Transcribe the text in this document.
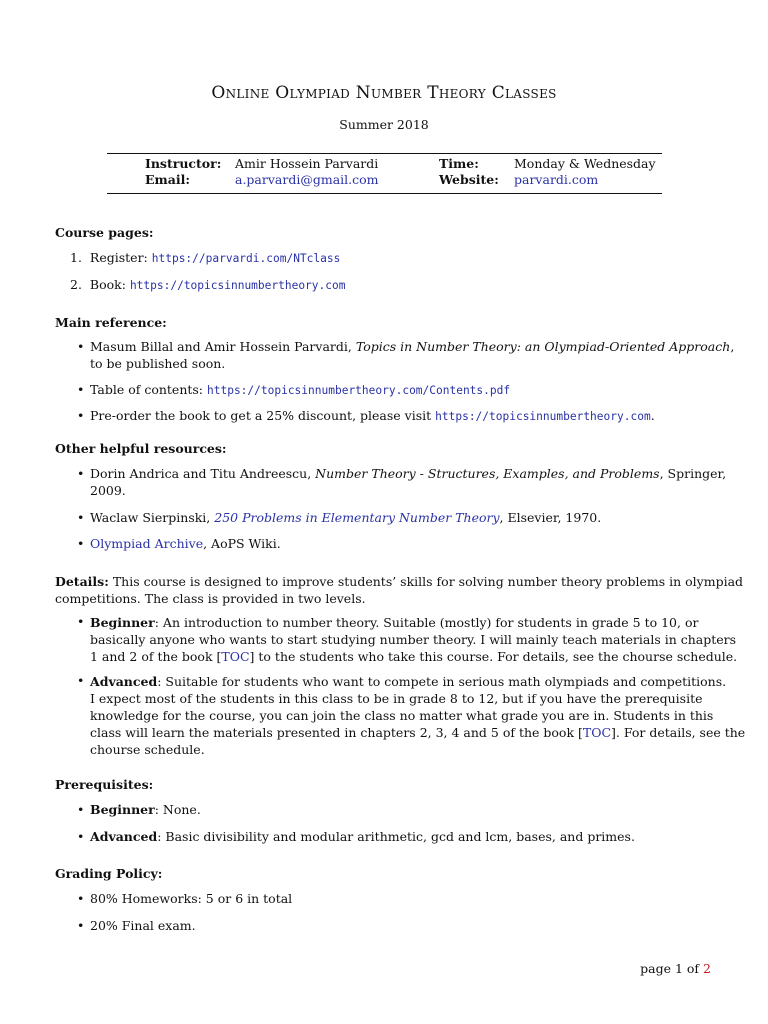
Online Olympiad Number Theory Classes
Summer 2018
Instructor: Amir Hossein Parvardi
Email:	a.parvardi@gmail.com
Time:	Monday & Wednesday
Website: parvardi.com
Course pages:
1. Register: https://parvardi.com/NTclass
2. Book: https://topicsinnumbertheory.com
Main reference:
• Masum Billal and Amir Hossein Parvardi, Topics in Number Theory: an Olympiad-Oriented Approach,
to be published soon.
• Table of contents: https://topicsinnumbertheory.com/Contents.pdf
• Pre-order the book to get a 25% discount, please visit https://topicsinnumbertheory.com.
Other helpful resources:
• Dorin Andrica and Titu Andreescu, Number Theory - Structures, Examples, and Problems, Springer,
2009.
• Waclaw Sierpinski, 250 Problems in Elementary Number Theory, Elsevier, 1970.
• Olympiad Archive, AoPS Wiki.
Details: This course is designed to improve students’ skills for solving number theory problems in olympiad
competitions. The class is provided in two levels.
• Beginner: An introduction to number theory. Suitable (mostly) for students in grade 5 to 10, or
basically anyone who wants to start studying number theory. I will mainly teach materials in chapters
1 and 2 of the book [TOC] to the students who take this course. For details, see the chourse schedule.
• Advanced: Suitable for students who want to compete in serious math olympiads and competitions.
I expect most of the students in this class to be in grade 8 to 12, but if you have the prerequisite
knowledge for the course, you can join the class no matter what grade you are in. Students in this
class will learn the materials presented in chapters 2, 3, 4 and 5 of the book [TOC]. For details, see the
chourse schedule.
Prerequisites:
• Beginner: None.
• Advanced: Basic divisibility and modular arithmetic, gcd and lcm, bases, and primes.
Grading Policy:
• 80% Homeworks: 5 or 6 in total
• 20% Final exam.
page 1 of 2
